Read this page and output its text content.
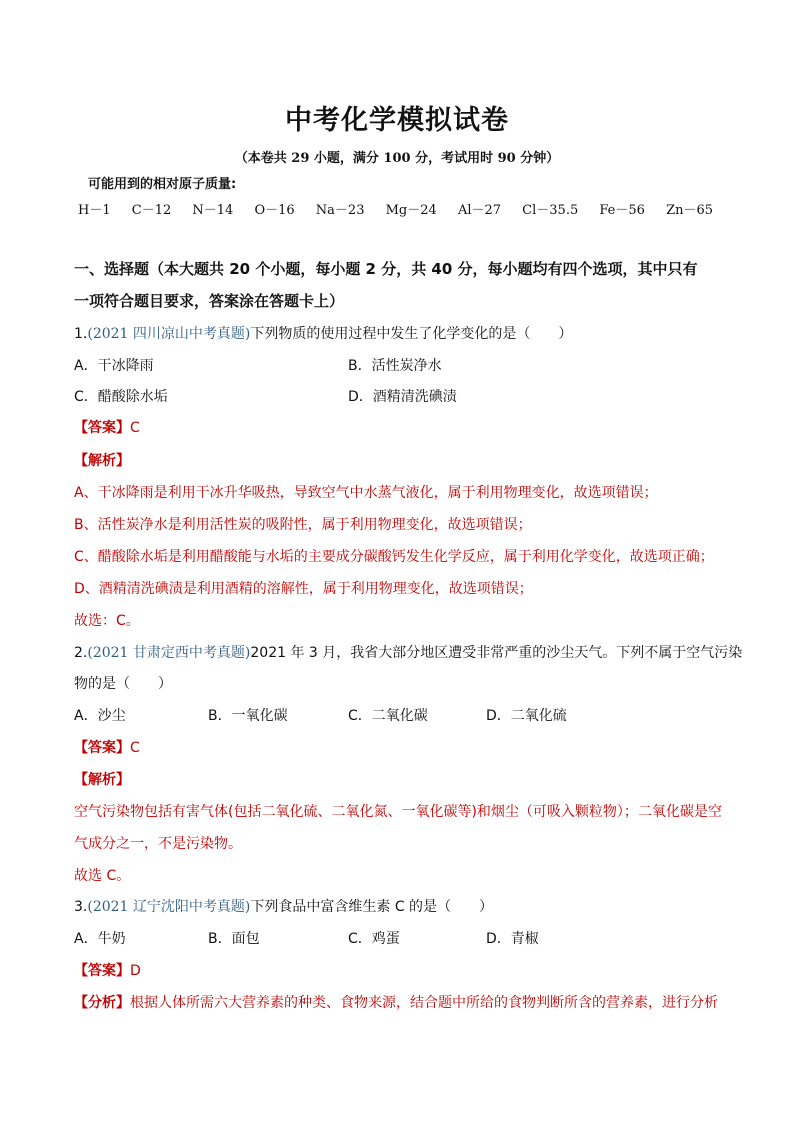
中考化学模拟试卷
（本卷共 29 小题，满分 100 分，考试用时 90 分钟）
可能用到的相对原子质量:
H－1 C－12 N－14 O－16 Na－23 Mg－24 Al－27 Cl－35.5 Fe－56 Zn－65
一、选择题（本大题共 20 个小题，每小题 2 分，共 40 分，每小题均有四个选项，其中只有
一项符合题目要求，答案涂在答题卡上）
1.(2021 四川凉山中考真题)下列物质的使用过程中发生了化学变化的是（　　）
A．干冰降雨	B．活性炭净水
C．醋酸除水垢	D．酒精清洗碘渍
【答案】C
【解析】
A、干冰降雨是利用干冰升华吸热，导致空气中水蒸气液化，属于利用物理变化，故选项错误；
B、活性炭净水是利用活性炭的吸附性，属于利用物理变化，故选项错误；
C、醋酸除水垢是利用醋酸能与水垢的主要成分碳酸钙发生化学反应，属于利用化学变化，故选项正确；
D、酒精清洗碘渍是利用酒精的溶解性，属于利用物理变化，故选项错误；
故选：C。
2.(2021 甘肃定西中考真题)2021 年 3 月，我省大部分地区遭受非常严重的沙尘天气。下列不属于空气污染
物的是（　　）
A．沙尘	B．一氧化碳	C．二氧化碳	D．二氧化硫
【答案】C
【解析】
空气污染物包括有害气体(包括二氧化硫、二氧化氮、一氧化碳等)和烟尘（可吸入颗粒物）；二氧化碳是空
气成分之一，不是污染物。
故选 C。
3.(2021 辽宁沈阳中考真题)下列食品中富含维生素 C 的是（　　）
A．牛奶	B．面包	C．鸡蛋	D．青椒
【答案】D
【分析】根据人体所需六大营养素的种类、食物来源，结合题中所给的食物判断所含的营养素，进行分析
